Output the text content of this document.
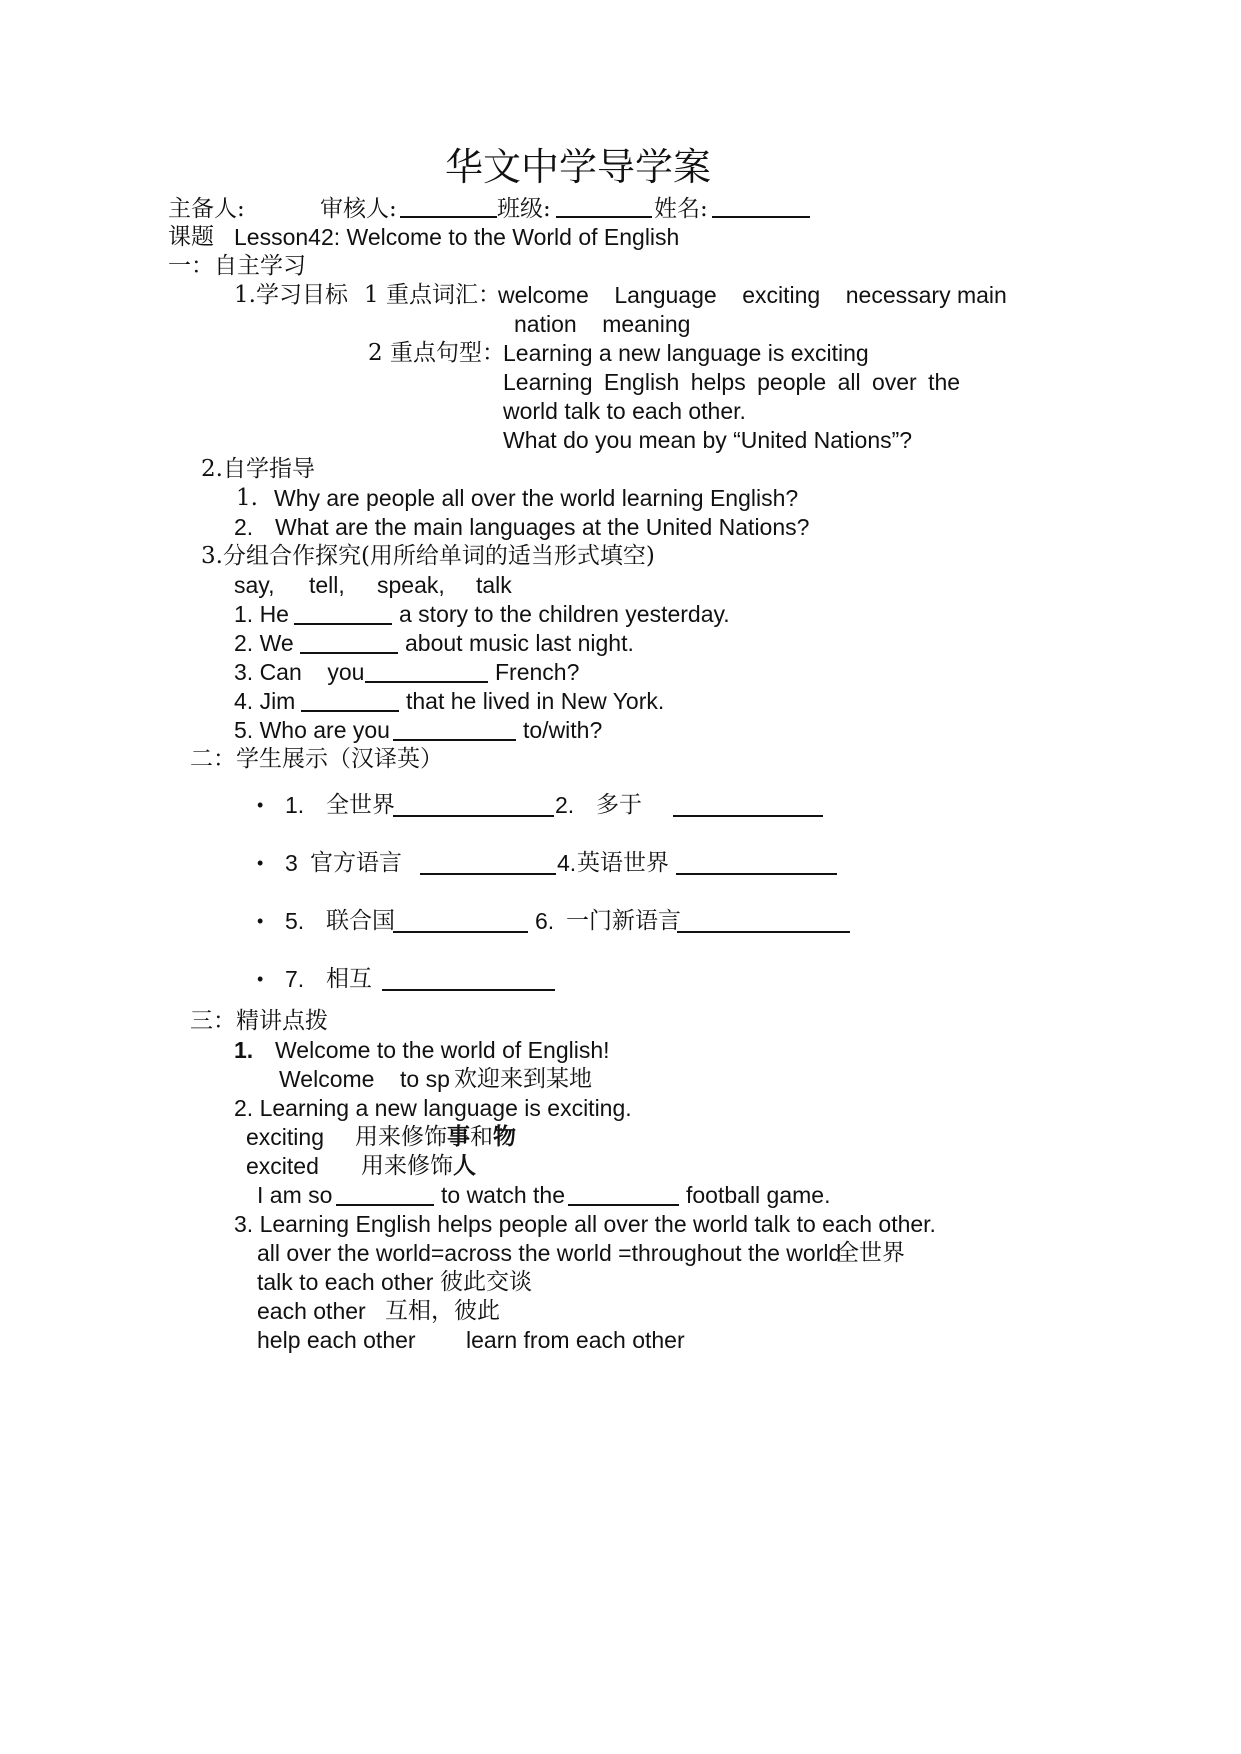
华文中学导学案
主备人:	审核人:	班级:	姓名:
课题 Lesson42: Welcome to the World of English
一：自主学习
1.学习目标 1 重点词汇：
welcome    Language    exciting    necessary main
nation    meaning
2 重点句型：
Learning a new language is exciting
Learning English helps people all over the
world talk to each other.
What do you mean by “United Nations”?
2.自学指导
1. Why are people all over the world learning English?
2. What are the main languages at the United Nations?
3.分组合作探究(用所给单词的适当形式填空)
say, tell, speak, talk
1. He	a story to the children yesterday.
2. We	about music last night.
3. Can    you	French?
4. Jim	that he lived in New York.
5. Who are you	to/with?
二：学生展示（汉译英）
• 1. 全世界	2. 多于
• 3 官方语言	4. 英语世界
• 5. 联合国	6. 一门新语言
• 7. 相互
三：精讲点拨
1. Welcome to the world of English!
Welcome    to sp 欢迎来到某地
2. Learning a new language is exciting.
exciting 用来修饰事和物
excited 用来修饰人
I am so	to watch the	football game.
3. Learning English helps people all over the world talk to each other.
all over the world=across the world =throughout the world
全世界
talk to each other 彼此交谈
each other 互相，彼此
help each other learn from each other
